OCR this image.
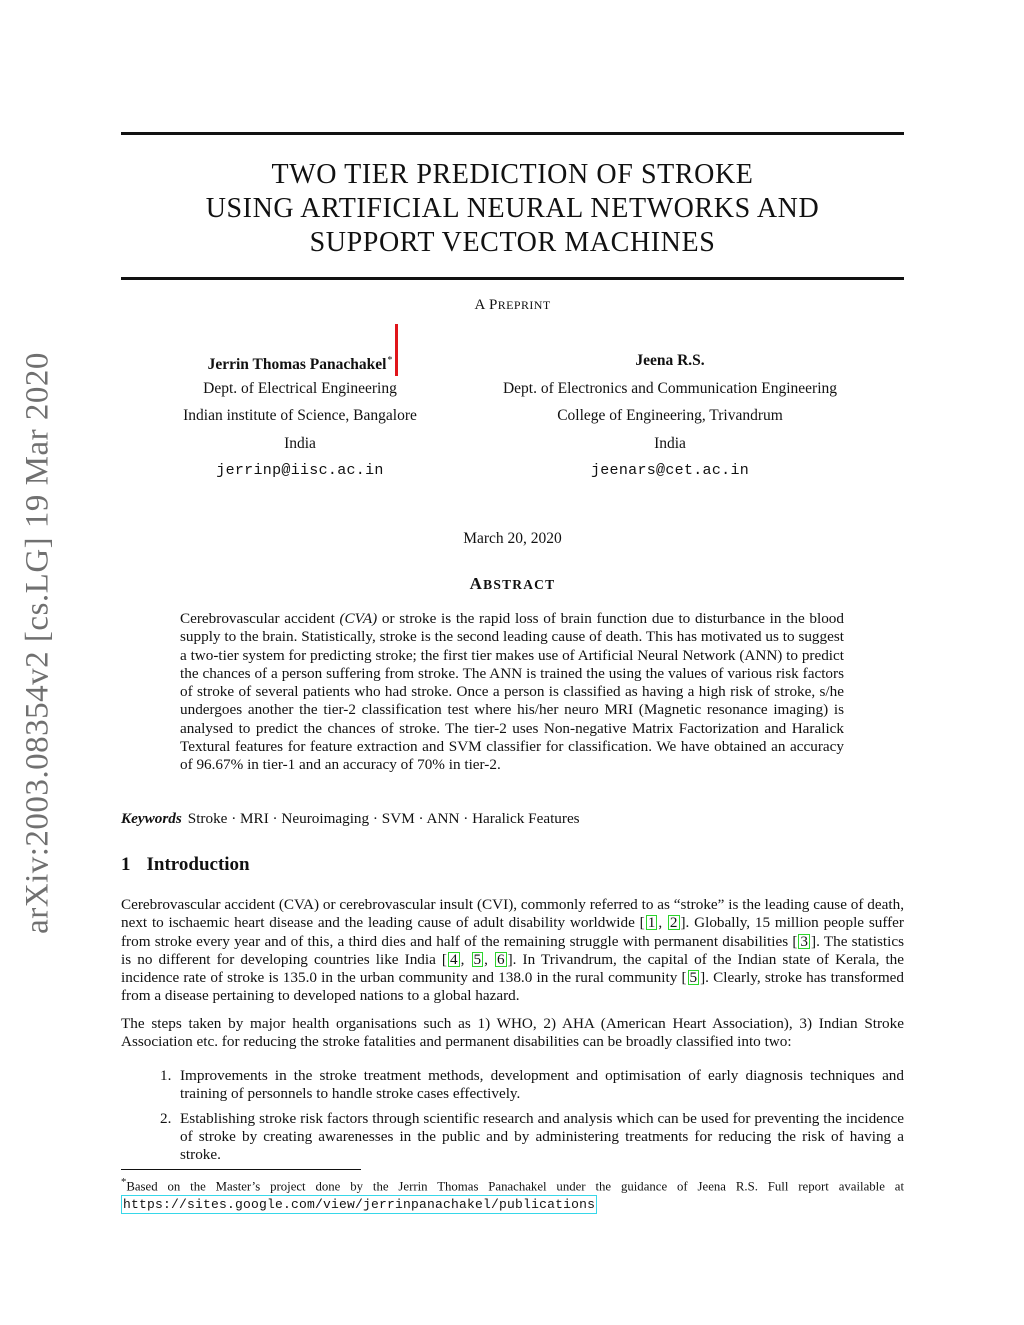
arXiv:2003.08354v2 [cs.LG] 19 Mar 2020
TWO TIER PREDICTION OF STROKE
USING ARTIFICIAL NEURAL NETWORKS AND
SUPPORT VECTOR MACHINES
A PREPRINT
Jerrin Thomas Panachakel*
Dept. of Electrical Engineering
Indian institute of Science, Bangalore
India
jerrinp@iisc.ac.in
Jeena R.S.
Dept. of Electronics and Communication Engineering
College of Engineering, Trivandrum
India
jeenars@cet.ac.in
March 20, 2020
ABSTRACT
Cerebrovascular accident (CVA) or stroke is the rapid loss of brain function due to disturbance in the blood supply to the brain. Statistically, stroke is the second leading cause of death. This has motivated us to suggest a two-tier system for predicting stroke; the first tier makes use of Artificial Neural Network (ANN) to predict the chances of a person suffering from stroke. The ANN is trained the using the values of various risk factors of stroke of several patients who had stroke. Once a person is classified as having a high risk of stroke, s/he undergoes another the tier-2 classification test where his/her neuro MRI (Magnetic resonance imaging) is analysed to predict the chances of stroke. The tier-2 uses Non-negative Matrix Factorization and Haralick Textural features for feature extraction and SVM classifier for classification. We have obtained an accuracy of 96.67% in tier-1 and an accuracy of 70% in tier-2.
Keywords Stroke · MRI · Neuroimaging · SVM · ANN · Haralick Features
1 Introduction
Cerebrovascular accident (CVA) or cerebrovascular insult (CVI), commonly referred to as “stroke” is the leading cause of death, next to ischaemic heart disease and the leading cause of adult disability worldwide [ 1 , 2 ]. Globally, 15 million people suffer from stroke every year and of this, a third dies and half of the remaining struggle with permanent disabilities [ 3 ]. The statistics is no different for developing countries like India [ 4 , 5 , 6 ]. In Trivandrum, the capital of the Indian state of Kerala, the incidence rate of stroke is 135.0 in the urban community and 138.0 in the rural community [ 5 ]. Clearly, stroke has transformed from a disease pertaining to developed nations to a global hazard.
The steps taken by major health organisations such as 1) WHO, 2) AHA (American Heart Association), 3) Indian Stroke Association etc. for reducing the stroke fatalities and permanent disabilities can be broadly classified into two:
1. Improvements in the stroke treatment methods, development and optimisation of early diagnosis techniques and training of personnels to handle stroke cases effectively.
2. Establishing stroke risk factors through scientific research and analysis which can be used for preventing the incidence of stroke by creating awarenesses in the public and by administering treatments for reducing the risk of having a stroke.
*Based on the Master’s project done by the Jerrin Thomas Panachakel under the guidance of Jeena R.S. Full report available at https://sites.google.com/view/jerrinpanachakel/publications
